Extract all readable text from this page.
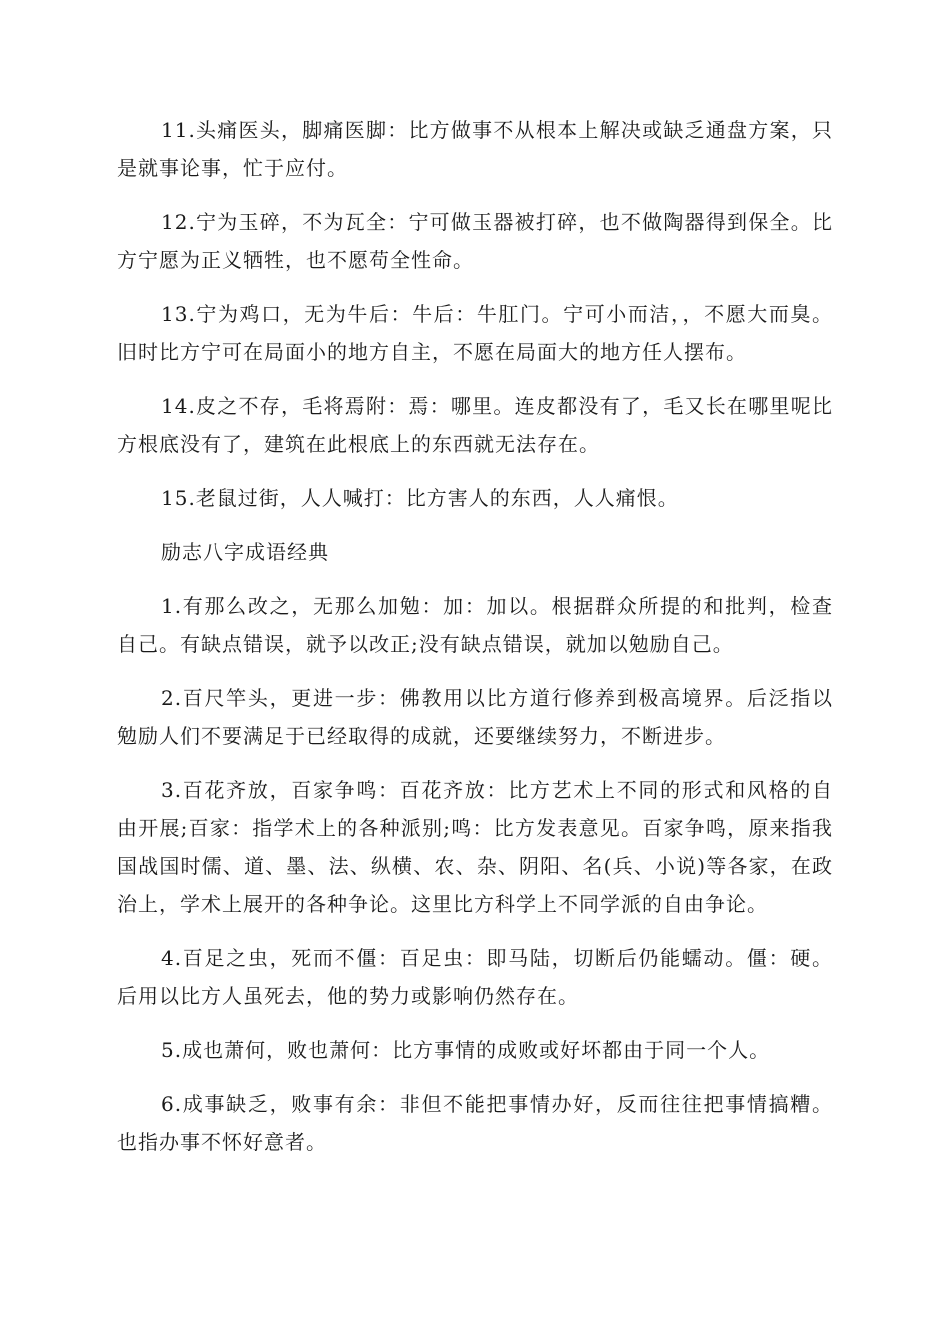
11.头痛医头，脚痛医脚：比方做事不从根本上解决或缺乏通盘方案，只是就事论事，忙于应付。

12.宁为玉碎，不为瓦全：宁可做玉器被打碎，也不做陶器得到保全。比方宁愿为正义牺牲，也不愿苟全性命。

13.宁为鸡口，无为牛后：牛后：牛肛门。宁可小而洁，，不愿大而臭。旧时比方宁可在局面小的地方自主，不愿在局面大的地方任人摆布。

14.皮之不存，毛将焉附：焉：哪里。连皮都没有了，毛又长在哪里呢比方根底没有了，建筑在此根底上的东西就无法存在。

15.老鼠过街，人人喊打：比方害人的东西，人人痛恨。

励志八字成语经典

1.有那么改之，无那么加勉：加：加以。根据群众所提的和批判，检查自己。有缺点错误，就予以改正;没有缺点错误，就加以勉励自己。

2.百尺竿头，更进一步：佛教用以比方道行修养到极高境界。后泛指以勉励人们不要满足于已经取得的成就，还要继续努力，不断进步。

3.百花齐放，百家争鸣：百花齐放：比方艺术上不同的形式和风格的自由开展;百家：指学术上的各种派别;鸣：比方发表意见。百家争鸣，原来指我国战国时儒、道、墨、法、纵横、农、杂、阴阳、名(兵、小说)等各家，在政治上，学术上展开的各种争论。这里比方科学上不同学派的自由争论。

4.百足之虫，死而不僵：百足虫：即马陆，切断后仍能蠕动。僵：硬。后用以比方人虽死去，他的势力或影响仍然存在。

5.成也萧何，败也萧何：比方事情的成败或好坏都由于同一个人。

6.成事缺乏，败事有余：非但不能把事情办好，反而往往把事情搞糟。也指办事不怀好意者。
